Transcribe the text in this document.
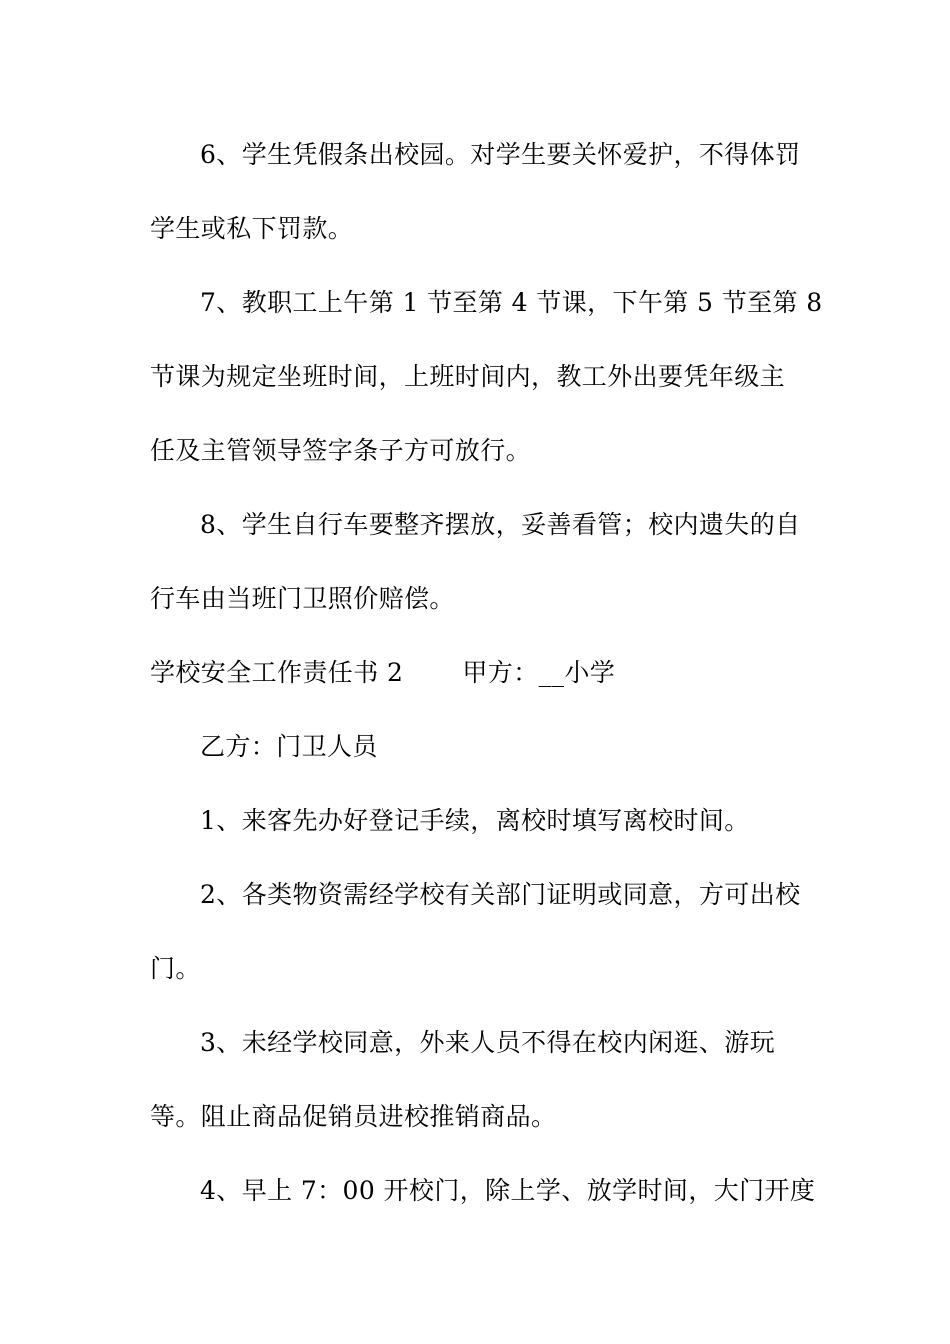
6、学生凭假条出校园。对学生要关怀爱护，不得体罚
学生或私下罚款。
7、教职工上午第 1 节至第 4 节课，下午第 5 节至第 8
节课为规定坐班时间，上班时间内，教工外出要凭年级主
任及主管领导签字条子方可放行。
8、学生自行车要整齐摆放，妥善看管；校内遗失的自
行车由当班门卫照价赔偿。
学校安全工作责任书 2　　 甲方：__小学
乙方：门卫人员
1、来客先办好登记手续，离校时填写离校时间。
2、各类物资需经学校有关部门证明或同意，方可出校
门。
3、未经学校同意，外来人员不得在校内闲逛、游玩
等。阻止商品促销员进校推销商品。
4、早上 7：00 开校门，除上学、放学时间，大门开度
